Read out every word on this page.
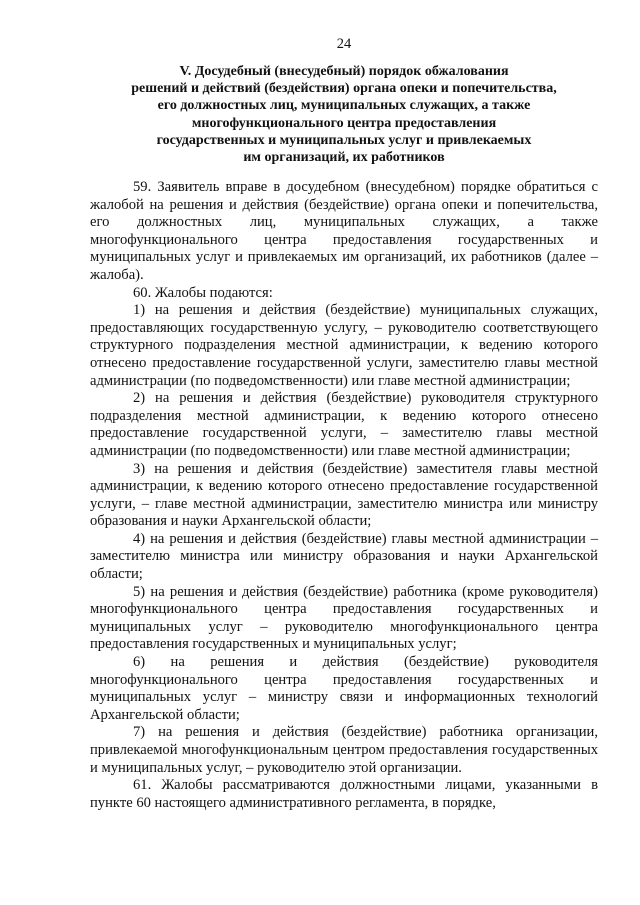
24
V. Досудебный (внесудебный) порядок обжалования
решений и действий (бездействия) органа опеки и попечительства,
его должностных лиц, муниципальных служащих, а также
многофункционального центра предоставления
государственных и муниципальных услуг и привлекаемых
им организаций, их работников

59. Заявитель вправе в досудебном (внесудебном) порядке обратиться с жалобой на решения и действия (бездействие) органа опеки и попечительства, его должностных лиц, муниципальных служащих, а также многофункционального центра предоставления государственных и муниципальных услуг и привлекаемых им организаций, их работников (далее – жалоба).

60. Жалобы подаются:

1) на решения и действия (бездействие) муниципальных служащих, предоставляющих государственную услугу, – руководителю соответствующего структурного подразделения местной администрации, к ведению которого отнесено предоставление государственной услуги, заместителю главы местной администрации (по подведомственности) или главе местной администрации;

2) на решения и действия (бездействие) руководителя структурного подразделения местной администрации, к ведению которого отнесено предоставление государственной услуги, – заместителю главы местной администрации (по подведомственности) или главе местной администрации;

3) на решения и действия (бездействие) заместителя главы местной администрации, к ведению которого отнесено предоставление государственной услуги, – главе местной администрации, заместителю министра или министру образования и науки Архангельской области;

4) на решения и действия (бездействие) главы местной администрации – заместителю министра или министру образования и науки Архангельской области;

5) на решения и действия (бездействие) работника (кроме руководителя) многофункционального центра предоставления государственных и муниципальных услуг – руководителю многофункционального центра предоставления государственных и муниципальных услуг;

6) на решения и действия (бездействие) руководителя многофункционального центра предоставления государственных и муниципальных услуг – министру связи и информационных технологий Архангельской области;

7) на решения и действия (бездействие) работника организации, привлекаемой многофункциональным центром предоставления государственных и муниципальных услуг, – руководителю этой организации.

61. Жалобы рассматриваются должностными лицами, указанными в пункте 60 настоящего административного регламента, в порядке,
